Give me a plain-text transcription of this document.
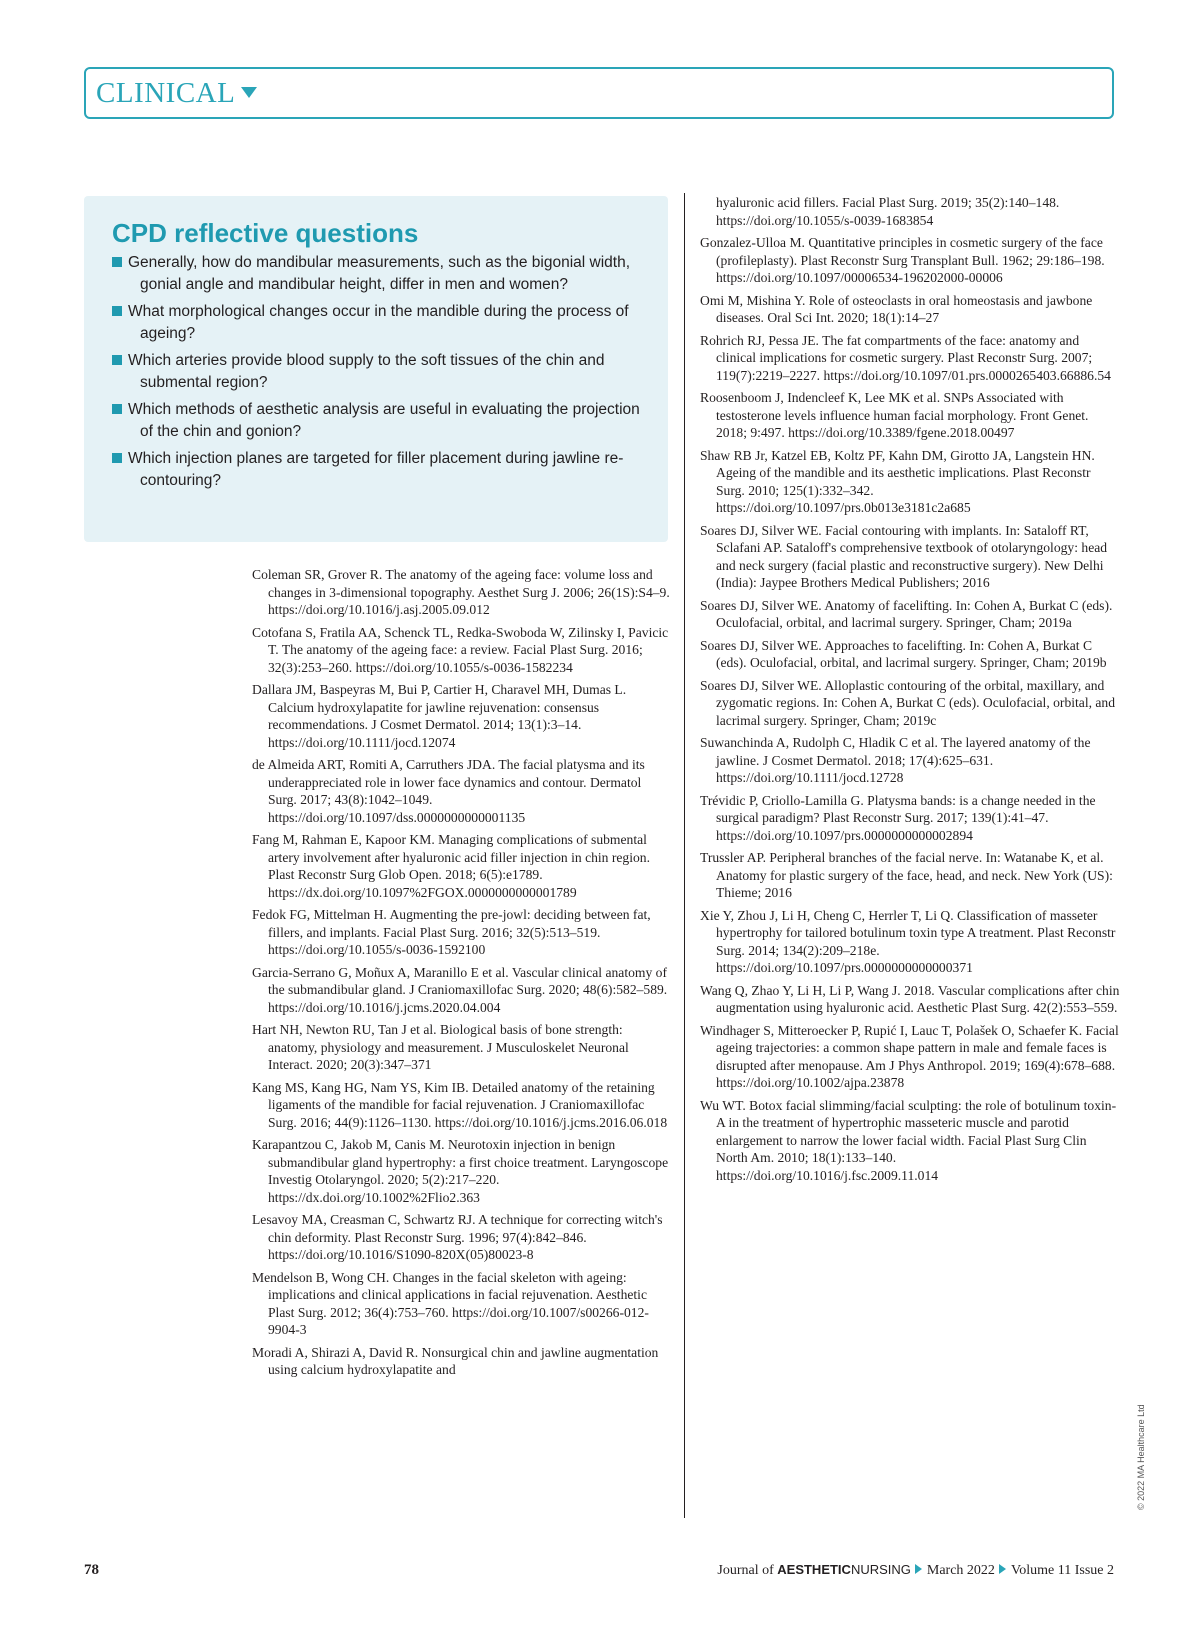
CLINICAL
CPD reflective questions
Generally, how do mandibular measurements, such as the bigonial width, gonial angle and mandibular height, differ in men and women?
What morphological changes occur in the mandible during the process of ageing?
Which arteries provide blood supply to the soft tissues of the chin and submental region?
Which methods of aesthetic analysis are useful in evaluating the projection of the chin and gonion?
Which injection planes are targeted for filler placement during jawline re-contouring?
Coleman SR, Grover R. The anatomy of the ageing face: volume loss and changes in 3-dimensional topography. Aesthet Surg J. 2006; 26(1S):S4–9. https://doi.org/10.1016/j.asj.2005.09.012
Cotofana S, Fratila AA, Schenck TL, Redka-Swoboda W, Zilinsky I, Pavicic T. The anatomy of the ageing face: a review. Facial Plast Surg. 2016; 32(3):253–260. https://doi.org/10.1055/s-0036-1582234
Dallara JM, Baspeyras M, Bui P, Cartier H, Charavel MH, Dumas L. Calcium hydroxylapatite for jawline rejuvenation: consensus recommendations. J Cosmet Dermatol. 2014; 13(1):3–14. https://doi.org/10.1111/jocd.12074
de Almeida ART, Romiti A, Carruthers JDA. The facial platysma and its underappreciated role in lower face dynamics and contour. Dermatol Surg. 2017; 43(8):1042–1049. https://doi.org/10.1097/dss.0000000000001135
Fang M, Rahman E, Kapoor KM. Managing complications of submental artery involvement after hyaluronic acid filler injection in chin region. Plast Reconstr Surg Glob Open. 2018; 6(5):e1789. https://dx.doi.org/10.1097%2FGOX.0000000000001789
Fedok FG, Mittelman H. Augmenting the pre-jowl: deciding between fat, fillers, and implants. Facial Plast Surg. 2016; 32(5):513–519. https://doi.org/10.1055/s-0036-1592100
Garcia-Serrano G, Moñux A, Maranillo E et al. Vascular clinical anatomy of the submandibular gland. J Craniomaxillofac Surg. 2020; 48(6):582–589. https://doi.org/10.1016/j.jcms.2020.04.004
Hart NH, Newton RU, Tan J et al. Biological basis of bone strength: anatomy, physiology and measurement. J Musculoskelet Neuronal Interact. 2020; 20(3):347–371
Kang MS, Kang HG, Nam YS, Kim IB. Detailed anatomy of the retaining ligaments of the mandible for facial rejuvenation. J Craniomaxillofac Surg. 2016; 44(9):1126–1130. https://doi.org/10.1016/j.jcms.2016.06.018
Karapantzou C, Jakob M, Canis M. Neurotoxin injection in benign submandibular gland hypertrophy: a first choice treatment. Laryngoscope Investig Otolaryngol. 2020; 5(2):217–220. https://dx.doi.org/10.1002%2Flio2.363
Lesavoy MA, Creasman C, Schwartz RJ. A technique for correcting witch's chin deformity. Plast Reconstr Surg. 1996; 97(4):842–846. https://doi.org/10.1016/S1090-820X(05)80023-8
Mendelson B, Wong CH. Changes in the facial skeleton with ageing: implications and clinical applications in facial rejuvenation. Aesthetic Plast Surg. 2012; 36(4):753–760. https://doi.org/10.1007/s00266-012-9904-3
Moradi A, Shirazi A, David R. Nonsurgical chin and jawline augmentation using calcium hydroxylapatite and
hyaluronic acid fillers. Facial Plast Surg. 2019; 35(2):140–148. https://doi.org/10.1055/s-0039-1683854
Gonzalez-Ulloa M. Quantitative principles in cosmetic surgery of the face (profileplasty). Plast Reconstr Surg Transplant Bull. 1962; 29:186–198. https://doi.org/10.1097/00006534-196202000-00006
Omi M, Mishina Y. Role of osteoclasts in oral homeostasis and jawbone diseases. Oral Sci Int. 2020; 18(1):14–27
Rohrich RJ, Pessa JE. The fat compartments of the face: anatomy and clinical implications for cosmetic surgery. Plast Reconstr Surg. 2007; 119(7):2219–2227. https://doi.org/10.1097/01.prs.0000265403.66886.54
Roosenboom J, Indencleef K, Lee MK et al. SNPs Associated with testosterone levels influence human facial morphology. Front Genet. 2018; 9:497. https://doi.org/10.3389/fgene.2018.00497
Shaw RB Jr, Katzel EB, Koltz PF, Kahn DM, Girotto JA, Langstein HN. Ageing of the mandible and its aesthetic implications. Plast Reconstr Surg. 2010; 125(1):332–342. https://doi.org/10.1097/prs.0b013e3181c2a685
Soares DJ, Silver WE. Facial contouring with implants. In: Sataloff RT, Sclafani AP. Sataloff's comprehensive textbook of otolaryngology: head and neck surgery (facial plastic and reconstructive surgery). New Delhi (India): Jaypee Brothers Medical Publishers; 2016
Soares DJ, Silver WE. Anatomy of facelifting. In: Cohen A, Burkat C (eds). Oculofacial, orbital, and lacrimal surgery. Springer, Cham; 2019a
Soares DJ, Silver WE. Approaches to facelifting. In: Cohen A, Burkat C (eds). Oculofacial, orbital, and lacrimal surgery. Springer, Cham; 2019b
Soares DJ, Silver WE. Alloplastic contouring of the orbital, maxillary, and zygomatic regions. In: Cohen A, Burkat C (eds). Oculofacial, orbital, and lacrimal surgery. Springer, Cham; 2019c
Suwanchinda A, Rudolph C, Hladik C et al. The layered anatomy of the jawline. J Cosmet Dermatol. 2018; 17(4):625–631. https://doi.org/10.1111/jocd.12728
Trévidic P, Criollo-Lamilla G. Platysma bands: is a change needed in the surgical paradigm? Plast Reconstr Surg. 2017; 139(1):41–47. https://doi.org/10.1097/prs.0000000000002894
Trussler AP. Peripheral branches of the facial nerve. In: Watanabe K, et al. Anatomy for plastic surgery of the face, head, and neck. New York (US): Thieme; 2016
Xie Y, Zhou J, Li H, Cheng C, Herrler T, Li Q. Classification of masseter hypertrophy for tailored botulinum toxin type A treatment. Plast Reconstr Surg. 2014; 134(2):209–218e. https://doi.org/10.1097/prs.0000000000000371
Wang Q, Zhao Y, Li H, Li P, Wang J. 2018. Vascular complications after chin augmentation using hyaluronic acid. Aesthetic Plast Surg. 42(2):553–559.
Windhager S, Mitteroecker P, Rupić I, Lauc T, Polašek O, Schaefer K. Facial ageing trajectories: a common shape pattern in male and female faces is disrupted after menopause. Am J Phys Anthropol. 2019; 169(4):678–688. https://doi.org/10.1002/ajpa.23878
Wu WT. Botox facial slimming/facial sculpting: the role of botulinum toxin-A in the treatment of hypertrophic masseteric muscle and parotid enlargement to narrow the lower facial width. Facial Plast Surg Clin North Am. 2010; 18(1):133–140. https://doi.org/10.1016/j.fsc.2009.11.014
78	Journal of AESTHETICNURSING March 2022 Volume 11 Issue 2
© 2022 MA Healthcare Ltd
